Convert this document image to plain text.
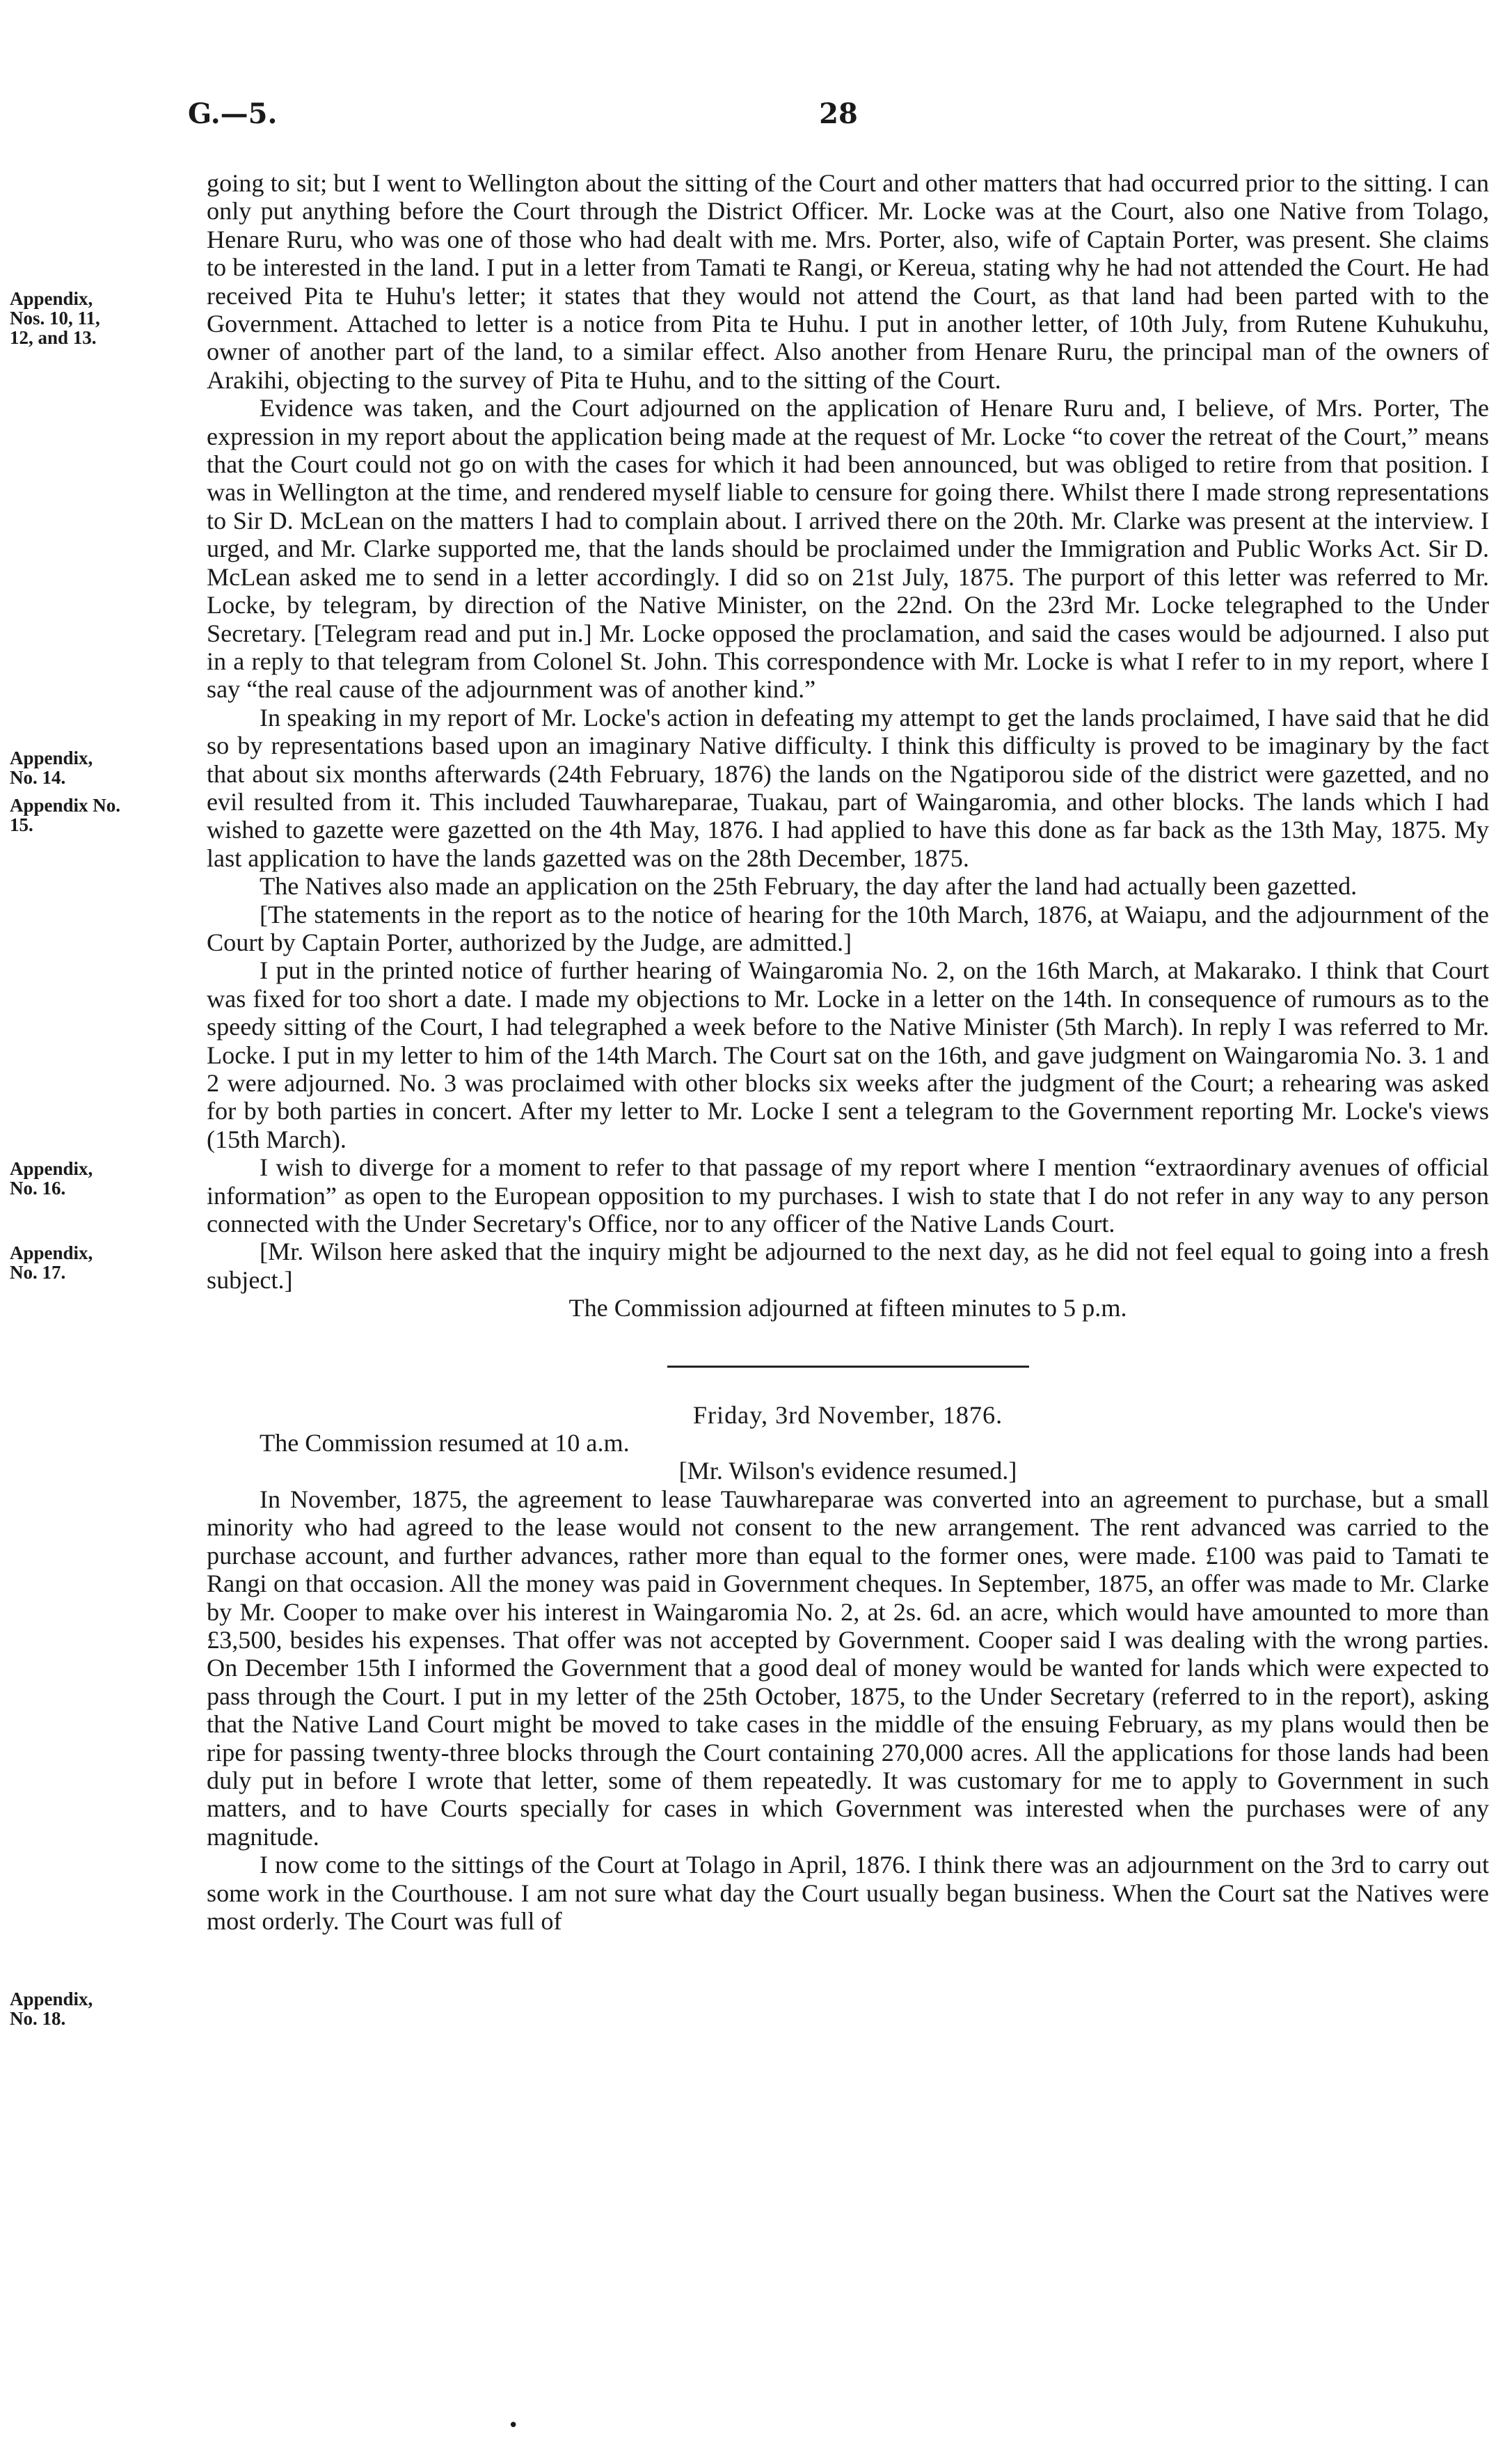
G.—5.	28
Appendix,
Nos. 10, 11,
12, and 13.
Appendix,
No. 14.
Appendix No.
15.
Appendix,
No. 16.
Appendix,
No. 17.
Appendix,
No. 18.

going to sit; but I went to Wellington about the sitting of the Court and other matters that had occurred prior to the sitting. I can only put anything before the Court through the District Officer. Mr. Locke was at the Court, also one Native from Tolago, Henare Ruru, who was one of those who had dealt with me. Mrs. Porter, also, wife of Captain Porter, was present. She claims to be interested in the land. I put in a letter from Tamati te Rangi, or Kereua, stating why he had not attended the Court. He had received Pita te Huhu's letter; it states that they would not attend the Court, as that land had been parted with to the Government. Attached to letter is a notice from Pita te Huhu. I put in another letter, of 10th July, from Rutene Kuhukuhu, owner of another part of the land, to a similar effect. Also another from Henare Ruru, the principal man of the owners of Arakihi, objecting to the survey of Pita te Huhu, and to the sitting of the Court.

Evidence was taken, and the Court adjourned on the application of Henare Ruru and, I believe, of Mrs. Porter, The expression in my report about the application being made at the request of Mr. Locke “to cover the retreat of the Court,” means that the Court could not go on with the cases for which it had been announced, but was obliged to retire from that position. I was in Wellington at the time, and rendered myself liable to censure for going there. Whilst there I made strong representations to Sir D. McLean on the matters I had to complain about. I arrived there on the 20th. Mr. Clarke was present at the interview. I urged, and Mr. Clarke supported me, that the lands should be proclaimed under the Immigration and Public Works Act. Sir D. McLean asked me to send in a letter accordingly. I did so on 21st July, 1875. The purport of this letter was referred to Mr. Locke, by telegram, by direction of the Native Minister, on the 22nd. On the 23rd Mr. Locke telegraphed to the Under Secretary. [Telegram read and put in.] Mr. Locke opposed the proclamation, and said the cases would be adjourned. I also put in a reply to that telegram from Colonel St. John. This correspondence with Mr. Locke is what I refer to in my report, where I say “the real cause of the adjournment was of another kind.”

In speaking in my report of Mr. Locke's action in defeating my attempt to get the lands proclaimed, I have said that he did so by representations based upon an imaginary Native difficulty. I think this difficulty is proved to be imaginary by the fact that about six months afterwards (24th February, 1876) the lands on the Ngatiporou side of the district were gazetted, and no evil resulted from it. This included Tauwhareparae, Tuakau, part of Waingaromia, and other blocks. The lands which I had wished to gazette were gazetted on the 4th May, 1876. I had applied to have this done as far back as the 13th May, 1875. My last application to have the lands gazetted was on the 28th December, 1875.

The Natives also made an application on the 25th February, the day after the land had actually been gazetted.

[The statements in the report as to the notice of hearing for the 10th March, 1876, at Waiapu, and the adjournment of the Court by Captain Porter, authorized by the Judge, are admitted.]

I put in the printed notice of further hearing of Waingaromia No. 2, on the 16th March, at Makarako. I think that Court was fixed for too short a date. I made my objections to Mr. Locke in a letter on the 14th. In consequence of rumours as to the speedy sitting of the Court, I had telegraphed a week before to the Native Minister (5th March). In reply I was referred to Mr. Locke. I put in my letter to him of the 14th March. The Court sat on the 16th, and gave judgment on Waingaromia No. 3. 1 and 2 were adjourned. No. 3 was proclaimed with other blocks six weeks after the judgment of the Court; a rehearing was asked for by both parties in concert. After my letter to Mr. Locke I sent a telegram to the Government reporting Mr. Locke's views (15th March).

I wish to diverge for a moment to refer to that passage of my report where I mention “extraordinary avenues of official information” as open to the European opposition to my purchases. I wish to state that I do not refer in any way to any person connected with the Under Secretary's Office, nor to any officer of the Native Lands Court.

[Mr. Wilson here asked that the inquiry might be adjourned to the next day, as he did not feel equal to going into a fresh subject.]

The Commission adjourned at fifteen minutes to 5 p.m.

Friday, 3rd November, 1876.

The Commission resumed at 10 a.m.

[Mr. Wilson's evidence resumed.]

In November, 1875, the agreement to lease Tauwhareparae was converted into an agreement to purchase, but a small minority who had agreed to the lease would not consent to the new arrangement. The rent advanced was carried to the purchase account, and further advances, rather more than equal to the former ones, were made. £100 was paid to Tamati te Rangi on that occasion. All the money was paid in Government cheques. In September, 1875, an offer was made to Mr. Clarke by Mr. Cooper to make over his interest in Waingaromia No. 2, at 2s. 6d. an acre, which would have amounted to more than £3,500, besides his expenses. That offer was not accepted by Government. Cooper said I was dealing with the wrong parties. On December 15th I informed the Government that a good deal of money would be wanted for lands which were expected to pass through the Court. I put in my letter of the 25th October, 1875, to the Under Secretary (referred to in the report), asking that the Native Land Court might be moved to take cases in the middle of the ensuing February, as my plans would then be ripe for passing twenty-three blocks through the Court containing 270,000 acres. All the applications for those lands had been duly put in before I wrote that letter, some of them repeatedly. It was customary for me to apply to Government in such matters, and to have Courts specially for cases in which Government was interested when the purchases were of any magnitude.

I now come to the sittings of the Court at Tolago in April, 1876. I think there was an adjournment on the 3rd to carry out some work in the Courthouse. I am not sure what day the Court usually began business. When the Court sat the Natives were most orderly. The Court was full of

•
